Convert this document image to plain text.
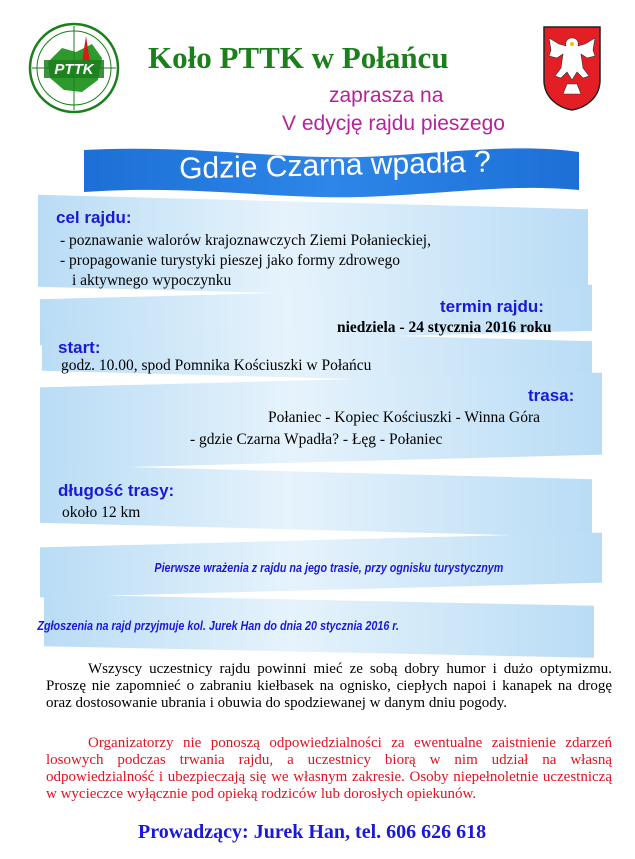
PTTK Koło PTTK w Połańcu
zaprasza na
V edycję rajdu pieszego
Gdzie Czarna wpadła ?
cel rajdu:
- poznawanie walorów krajoznawczych Ziemi Połanieckiej,
- propagowanie turystyki pieszej jako formy zdrowego
i aktywnego wypoczynku
termin rajdu:
niedziela - 24 stycznia 2016 roku
start:
godz. 10.00, spod Pomnika Kościuszki w Połańcu
trasa:
Połaniec - Kopiec Kościuszki - Winna Góra
- gdzie Czarna Wpadła? - Łęg - Połaniec
długość trasy:
około 12 km
Pierwsze wrażenia z rajdu na jego trasie, przy ognisku turystycznym
Zgłoszenia na rajd przyjmuje kol. Jurek Han do dnia 20 stycznia 2016 r.
Wszyscy uczestnicy rajdu powinni mieć ze sobą dobry humor i dużo optymizmu. Proszę nie zapomnieć o zabraniu kiełbasek na ognisko, ciepłych napoi i kanapek na drogę oraz dostosowanie ubrania i obuwia do spodziewanej w danym dniu pogody.
Organizatorzy nie ponoszą odpowiedzialności za ewentualne zaistnienie zdarzeń losowych podczas trwania rajdu, a uczestnicy biorą w nim udział na własną odpowiedzialność i ubezpieczają się we własnym zakresie. Osoby niepełnoletnie uczestniczą w wycieczce wyłącznie pod opieką rodziców lub dorosłych opiekunów.
Prowadzący: Jurek Han, tel. 606 626 618
